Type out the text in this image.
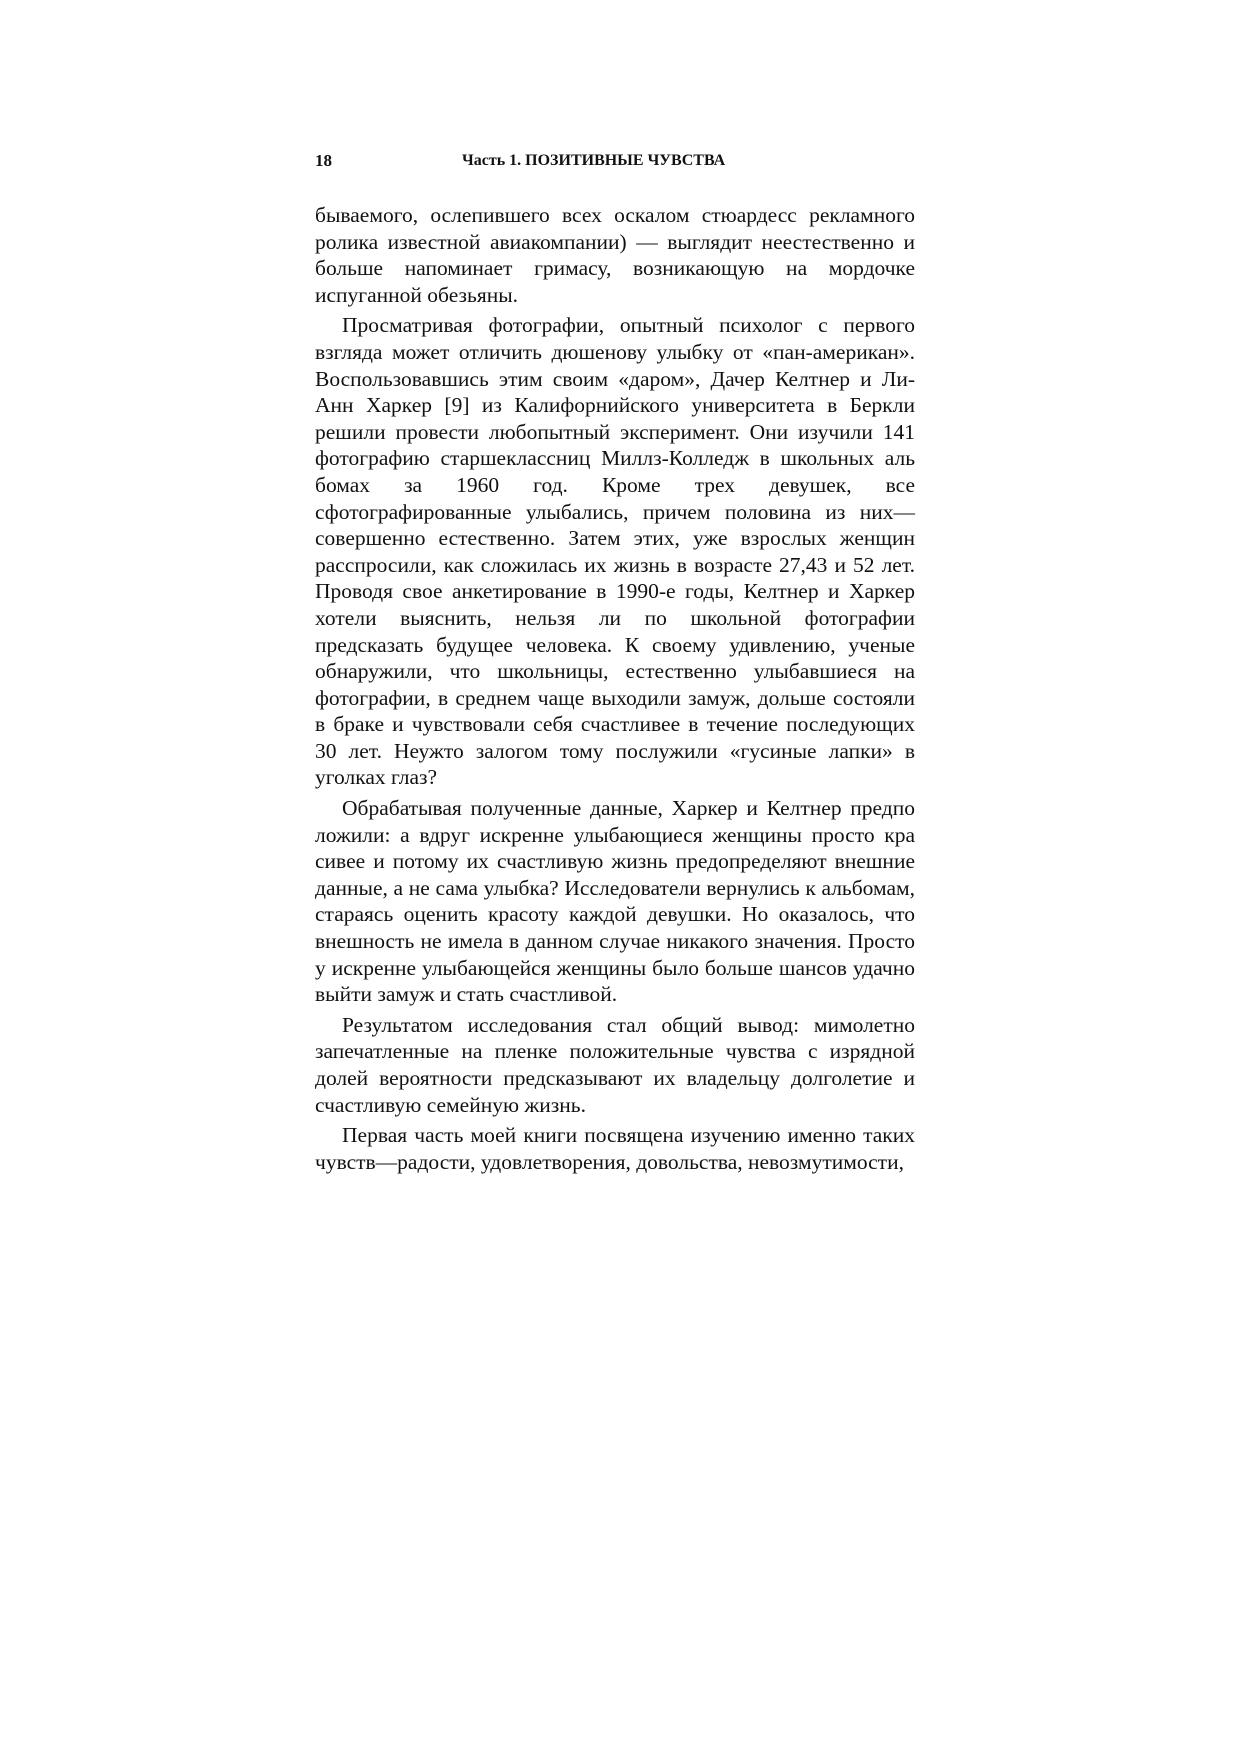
18	Часть 1. ПОЗИТИВНЫЕ ЧУВСТВА

бываемого, ослепившего всех оскалом стюардесс рекламного ролика известной авиакомпании) — выглядит неестественно и больше напоминает гримасу, возникающую на мордочке испуганной обезьяны.

Просматривая фотографии, опытный психолог с первого взгляда может отличить дюшенову улыбку от «пан-американ». Воспользовавшись этим своим «даром», Дачер Келтнер и Ли-Анн Харкер [9] из Калифорнийского университета в Беркли решили провести любопытный эксперимент. Они изучили 141 фотографию старшеклассниц Миллз-Колледж в школьных аль бомах за 1960 год. Кроме трех девушек, все сфотографированные улыбались, причем половина из них—совершенно естественно. Затем этих, уже взрослых женщин расспросили, как сложилась их жизнь в возрасте 27,43 и 52 лет. Проводя свое анкетирование в 1990-е годы, Келтнер и Харкер хотели выяснить, нельзя ли по школьной фотографии предсказать будущее человека. К своему удивлению, ученые обнаружили, что школьницы, естественно улыбавшиеся на фотографии, в среднем чаще выходили замуж, дольше состояли в браке и чувствовали себя счастливее в течение последующих 30 лет. Неужто залогом тому послужили «гусиные лапки» в уголках глаз?

Обрабатывая полученные данные, Харкер и Келтнер предпо ложили: а вдруг искренне улыбающиеся женщины просто кра сивее и потому их счастливую жизнь предопределяют внешние данные, а не сама улыбка? Исследователи вернулись к альбомам, стараясь оценить красоту каждой девушки. Но оказалось, что внешность не имела в данном случае никакого значения. Просто у искренне улыбающейся женщины было больше шансов удачно выйти замуж и стать счастливой.

Результатом исследования стал общий вывод: мимолетно запечатленные на пленке положительные чувства с изрядной долей вероятности предсказывают их владельцу долголетие и счастливую семейную жизнь.

Первая часть моей книги посвящена изучению именно таких чувств—радости, удовлетворения, довольства, невозмутимости,
